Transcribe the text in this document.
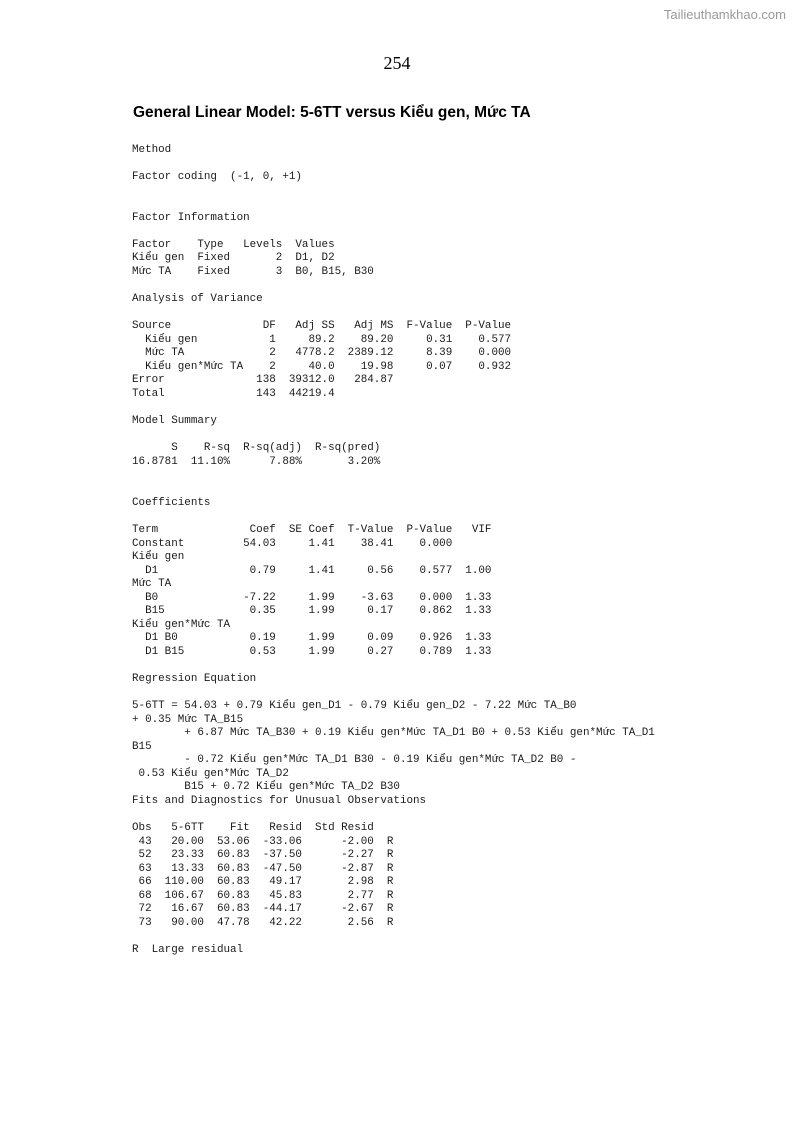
Tailieuthamkhao.com
254
General Linear Model: 5-6TT versus Kiểu gen, Mức TA
Method
Factor coding  (-1, 0, +1)
Factor Information
Factor    Type   Levels  Values
Kiểu gen  Fixed       2  D1, D2
Mức TA    Fixed       3  B0, B15, B30
Analysis of Variance
Source              DF   Adj SS   Adj MS  F-Value  P-Value
Kiểu gen           1     89.2    89.20     0.31    0.577
Mức TA             2   4778.2  2389.12     8.39    0.000
Kiểu gen*Mức TA    2     40.0    19.98     0.07    0.932
Error              138  39312.0   284.87
Total              143  44219.4
Model Summary
S    R-sq  R-sq(adj)  R-sq(pred)
16.8781  11.10%      7.88%       3.20%
Coefficients
Term              Coef  SE Coef  T-Value  P-Value   VIF
Constant         54.03     1.41    38.41    0.000
Kiểu gen
D1              0.79     1.41     0.56    0.577  1.00
Mức TA
B0             -7.22     1.99    -3.63    0.000  1.33
B15             0.35     1.99     0.17    0.862  1.33
Kiểu gen*Mức TA
D1 B0           0.19     1.99     0.09    0.926  1.33
D1 B15          0.53     1.99     0.27    0.789  1.33
Regression Equation
5-6TT = 54.03 + 0.79 Kiểu gen_D1 - 0.79 Kiểu gen_D2 - 7.22 Mức TA_B0
+ 0.35 Mức TA_B15
+ 6.87 Mức TA_B30 + 0.19 Kiểu gen*Mức TA_D1 B0 + 0.53 Kiểu gen*Mức TA_D1
B15
- 0.72 Kiểu gen*Mức TA_D1 B30 - 0.19 Kiểu gen*Mức TA_D2 B0 -
0.53 Kiểu gen*Mức TA_D2
B15 + 0.72 Kiểu gen*Mức TA_D2 B30
Fits and Diagnostics for Unusual Observations
Obs   5-6TT    Fit   Resid  Std Resid
43   20.00  53.06  -33.06      -2.00  R
52   23.33  60.83  -37.50      -2.27  R
63   13.33  60.83  -47.50      -2.87  R
66  110.00  60.83   49.17       2.98  R
68  106.67  60.83   45.83       2.77  R
72   16.67  60.83  -44.17      -2.67  R
73   90.00  47.78   42.22       2.56  R
R  Large residual
